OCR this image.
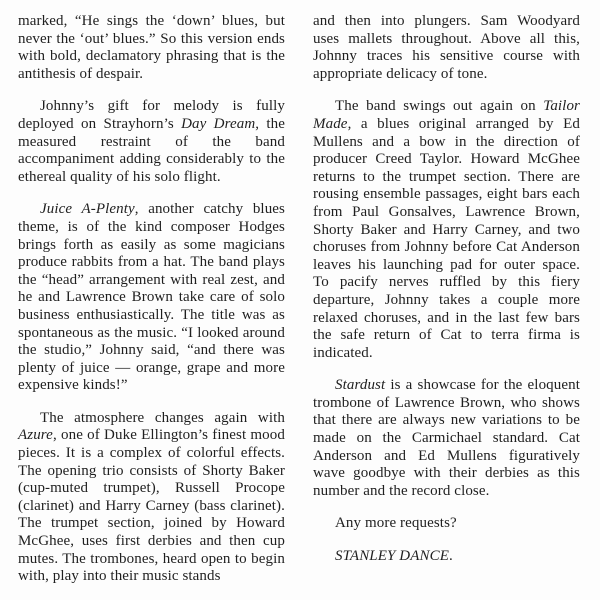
marked, “He sings the ‘down’ blues, but never the ‘out’ blues.” So this version ends with bold, declamatory phrasing that is the antithesis of despair.

Johnny’s gift for melody is fully deployed on Strayhorn’s Day Dream, the measured restraint of the band accompaniment adding considerably to the ethereal quality of his solo flight.

Juice A-Plenty, another catchy blues theme, is of the kind composer Hodges brings forth as easily as some magicians produce rabbits from a hat. The band plays the “head” arrangement with real zest, and he and Lawrence Brown take care of solo business enthusiastically. The title was as spontaneous as the music. “I looked around the studio,” Johnny said, “and there was plenty of juice — orange, grape and more expensive kinds!”

The atmosphere changes again with Azure, one of Duke Ellington’s finest mood pieces. It is a complex of colorful effects. The opening trio consists of Shorty Baker (cup-muted trumpet), Russell Procope (clarinet) and Harry Carney (bass clarinet). The trumpet section, joined by Howard McGhee, uses first derbies and then cup mutes. The trombones, heard open to begin with, play into their music stands

and then into plungers. Sam Woodyard uses mallets throughout. Above all this, Johnny traces his sensitive course with appropriate delicacy of tone.

The band swings out again on Tailor Made, a blues original arranged by Ed Mullens and a bow in the direction of producer Creed Taylor. Howard McGhee returns to the trumpet section. There are rousing ensemble passages, eight bars each from Paul Gonsalves, Lawrence Brown, Shorty Baker and Harry Carney, and two choruses from Johnny before Cat Anderson leaves his launching pad for outer space. To pacify nerves ruffled by this fiery departure, Johnny takes a couple more relaxed choruses, and in the last few bars the safe return of Cat to terra firma is indicated.

Stardust is a showcase for the eloquent trombone of Lawrence Brown, who shows that there are always new variations to be made on the Carmichael standard. Cat Anderson and Ed Mullens figuratively wave goodbye with their derbies as this number and the record close.

Any more requests?

STANLEY DANCE.
